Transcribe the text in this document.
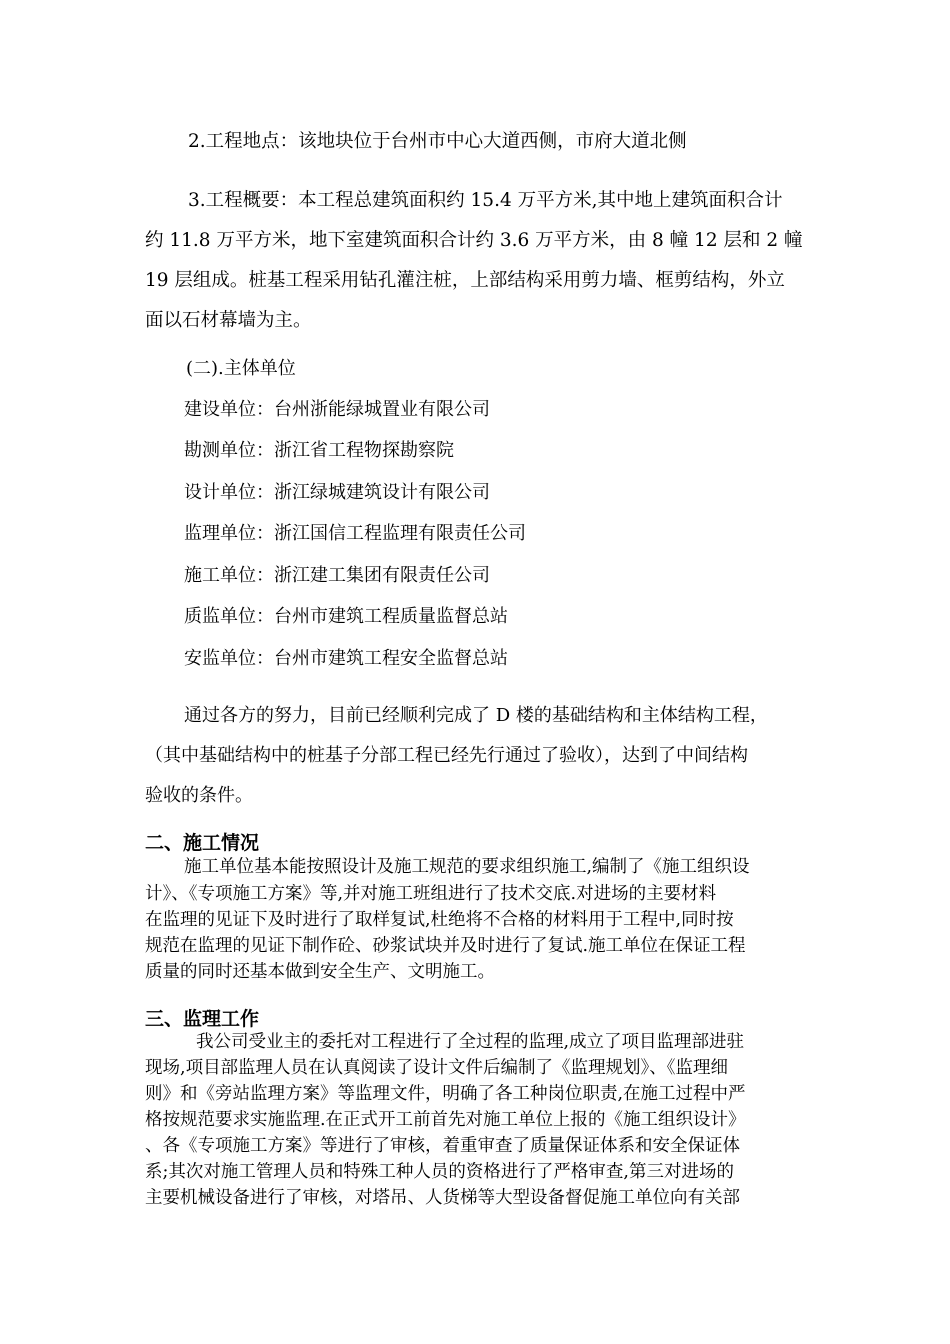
2.工程地点：该地块位于台州市中心大道西侧，市府大道北侧
3.工程概要：本工程总建筑面积约 15.4 万平方米,其中地上建筑面积合计
约 11.8 万平方米，地下室建筑面积合计约 3.6 万平方米，由 8 幢 12 层和 2 幢
19 层组成。桩基工程采用钻孔灌注桩，上部结构采用剪力墙、框剪结构，外立
面以石材幕墙为主。
(二).主体单位
建设单位：台州浙能绿城置业有限公司
勘测单位：浙江省工程物探勘察院
设计单位：浙江绿城建筑设计有限公司
监理单位：浙江国信工程监理有限责任公司
施工单位：浙江建工集团有限责任公司
质监单位：台州市建筑工程质量监督总站
安监单位：台州市建筑工程安全监督总站
通过各方的努力，目前已经顺利完成了 D 楼的基础结构和主体结构工程，
（其中基础结构中的桩基子分部工程已经先行通过了验收），达到了中间结构
验收的条件。
二、施工情况
施工单位基本能按照设计及施工规范的要求组织施工,编制了《施工组织设
计》、《专项施工方案》等,并对施工班组进行了技术交底.对进场的主要材料
在监理的见证下及时进行了取样复试,杜绝将不合格的材料用于工程中,同时按
规范在监理的见证下制作砼、砂浆试块并及时进行了复试.施工单位在保证工程
质量的同时还基本做到安全生产、文明施工。
三、监理工作
我公司受业主的委托对工程进行了全过程的监理,成立了项目监理部进驻
现场,项目部监理人员在认真阅读了设计文件后编制了《监理规划》、《监理细
则》和《旁站监理方案》等监理文件，明确了各工种岗位职责,在施工过程中严
格按规范要求实施监理.在正式开工前首先对施工单位上报的《施工组织设计》
、各《专项施工方案》等进行了审核，着重审查了质量保证体系和安全保证体
系;其次对施工管理人员和特殊工种人员的资格进行了严格审查,第三对进场的
主要机械设备进行了审核，对塔吊、人货梯等大型设备督促施工单位向有关部
